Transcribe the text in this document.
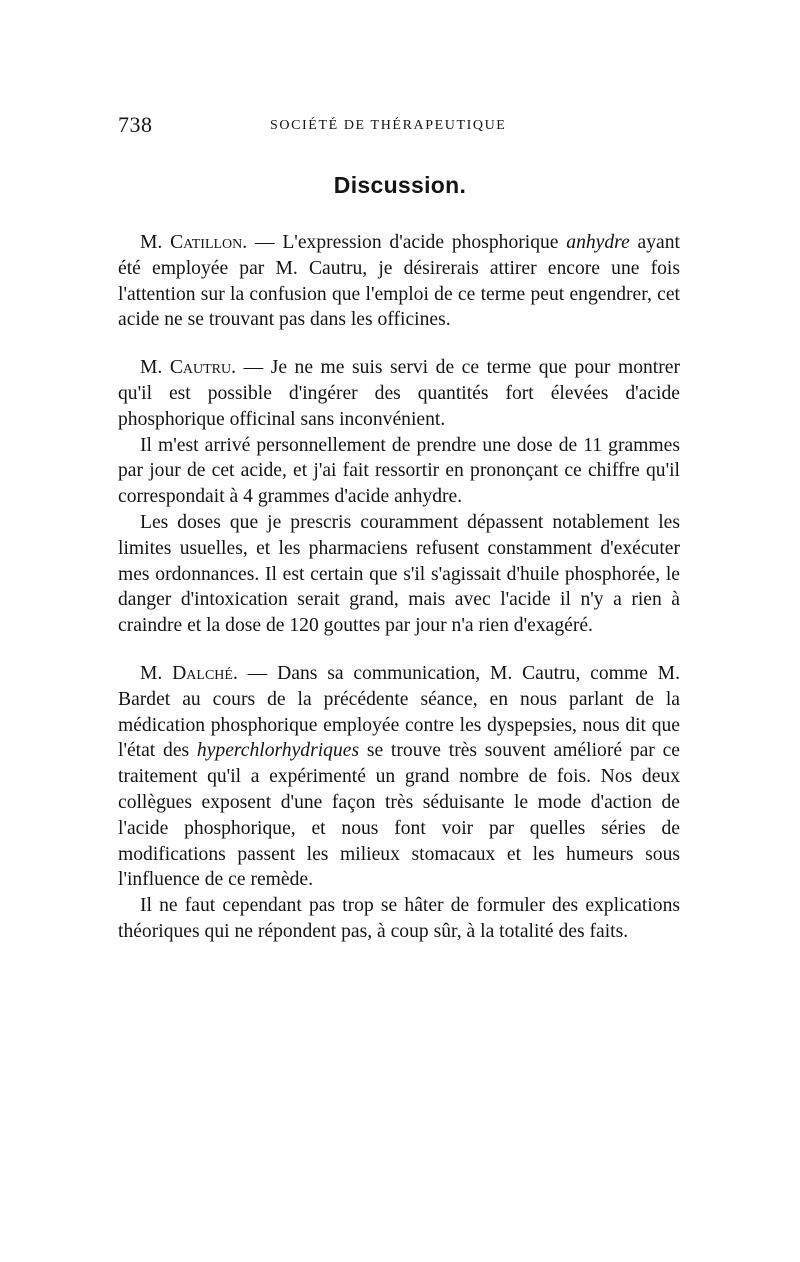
738	SOCIÉTÉ DE THÉRAPEUTIQUE
Discussion.

M. Catillon. — L'expression d'acide phosphorique anhydre ayant été employée par M. Cautru, je désirerais attirer encore une fois l'attention sur la confusion que l'emploi de ce terme peut engendrer, cet acide ne se trouvant pas dans les officines.

M. Cautru. — Je ne me suis servi de ce terme que pour montrer qu'il est possible d'ingérer des quantités fort élevées d'acide phosphorique officinal sans inconvénient.

Il m'est arrivé personnellement de prendre une dose de 11 grammes par jour de cet acide, et j'ai fait ressortir en prononçant ce chiffre qu'il correspondait à 4 grammes d'acide anhydre.

Les doses que je prescris couramment dépassent notablement les limites usuelles, et les pharmaciens refusent constamment d'exécuter mes ordonnances. Il est certain que s'il s'agissait d'huile phosphorée, le danger d'intoxication serait grand, mais avec l'acide il n'y a rien à craindre et la dose de 120 gouttes par jour n'a rien d'exagéré.

M. Dalché. — Dans sa communication, M. Cautru, comme M. Bardet au cours de la précédente séance, en nous parlant de la médication phosphorique employée contre les dyspepsies, nous dit que l'état des hyperchlorhydriques se trouve très souvent amélioré par ce traitement qu'il a expérimenté un grand nombre de fois. Nos deux collègues exposent d'une façon très séduisante le mode d'action de l'acide phosphorique, et nous font voir par quelles séries de modifications passent les milieux stomacaux et les humeurs sous l'influence de ce remède.

Il ne faut cependant pas trop se hâter de formuler des explications théoriques qui ne répondent pas, à coup sûr, à la totalité des faits.
